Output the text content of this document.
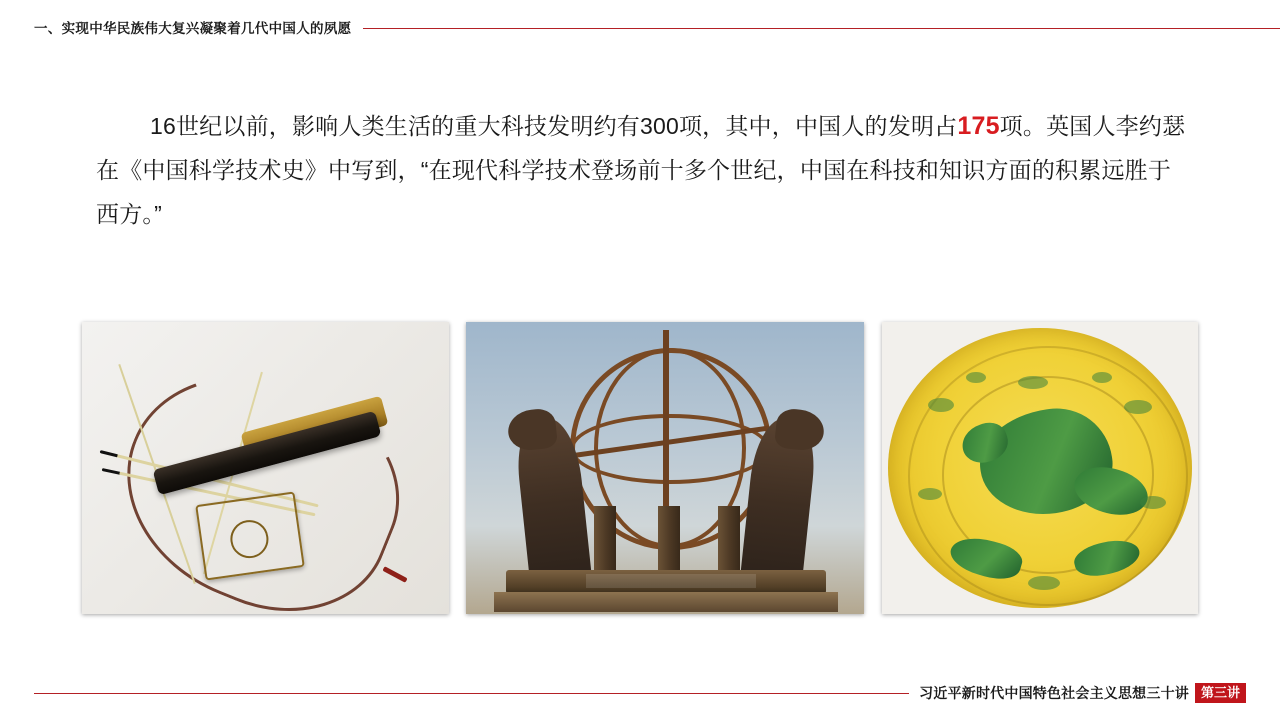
一、实现中华民族伟大复兴凝聚着几代中国人的夙愿
16世纪以前，影响人类生活的重大科技发明约有300项，其中，中国人的发明占175项。英国人李约瑟在《中国科学技术史》中写到，“在现代科学技术登场前十多个世纪，中国在科技和知识方面的积累远胜于西方。”
习近平新时代中国特色社会主义思想三十讲 第三讲
